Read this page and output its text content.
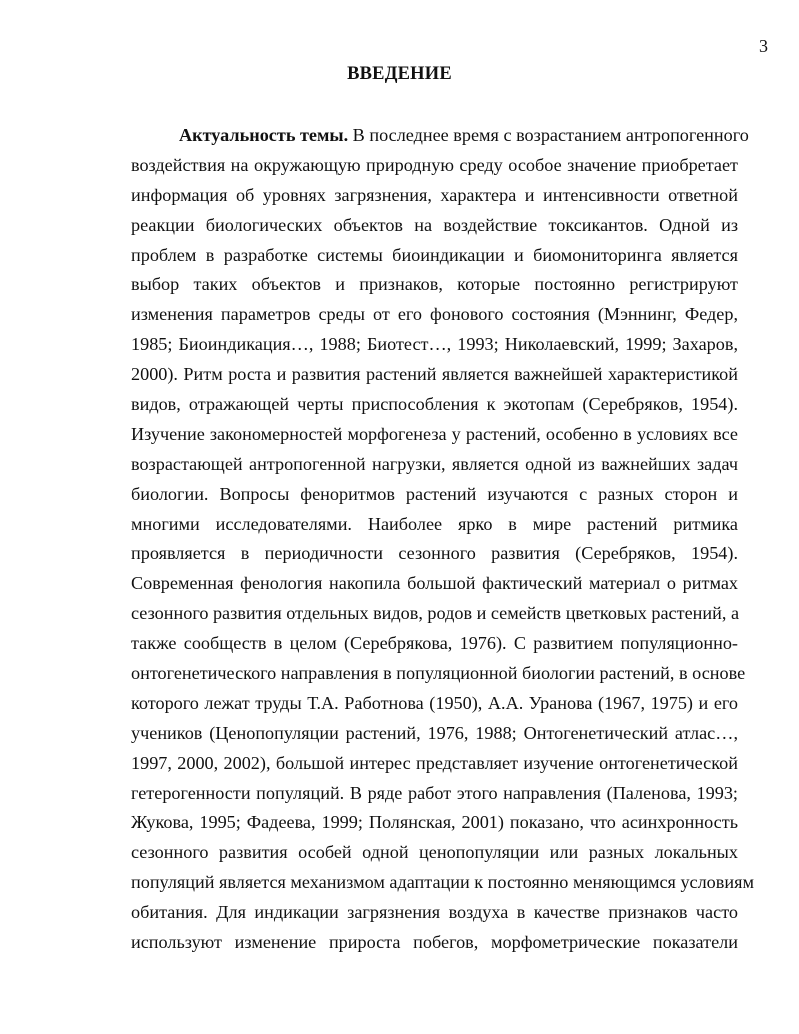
3
ВВЕДЕНИЕ
Актуальность темы. В последнее время с возрастанием антропогенного
воздействия на окружающую природную среду особое значение приобретает
информация об уровнях загрязнения, характера и интенсивности ответной
реакции биологических объектов на воздействие токсикантов. Одной из
проблем в разработке системы биоиндикации и биомониторинга является
выбор таких объектов и признаков, которые постоянно регистрируют
изменения параметров среды от его фонового состояния (Мэннинг, Федер,
1985; Биоиндикация…, 1988; Биотест…, 1993; Николаевский, 1999; Захаров,
2000). Ритм роста и развития растений является важнейшей характеристикой
видов, отражающей черты приспособления к экотопам (Серебряков, 1954).
Изучение закономерностей морфогенеза у растений, особенно в условиях все
возрастающей антропогенной нагрузки, является одной из важнейших задач
биологии. Вопросы феноритмов растений изучаются с разных сторон и
многими исследователями. Наиболее ярко в мире растений ритмика
проявляется в периодичности сезонного развития (Серебряков, 1954).
Современная фенология накопила большой фактический материал о ритмах
сезонного развития отдельных видов, родов и семейств цветковых растений, а
также сообществ в целом (Серебрякова, 1976). С развитием популяционно-
онтогенетического направления в популяционной биологии растений, в основе
которого лежат труды Т.А. Работнова (1950), А.А. Уранова (1967, 1975) и его
учеников (Ценопопуляции растений, 1976, 1988; Онтогенетический атлас…,
1997, 2000, 2002), большой интерес представляет изучение онтогенетической
гетерогенности популяций. В ряде работ этого направления (Паленова, 1993;
Жукова, 1995; Фадеева, 1999; Полянская, 2001) показано, что асинхронность
сезонного развития особей одной ценопопуляции или разных локальных
популяций является механизмом адаптации к постоянно меняющимся условиям
обитания. Для индикации загрязнения воздуха в качестве признаков часто
используют изменение прироста побегов, морфометрические показатели
